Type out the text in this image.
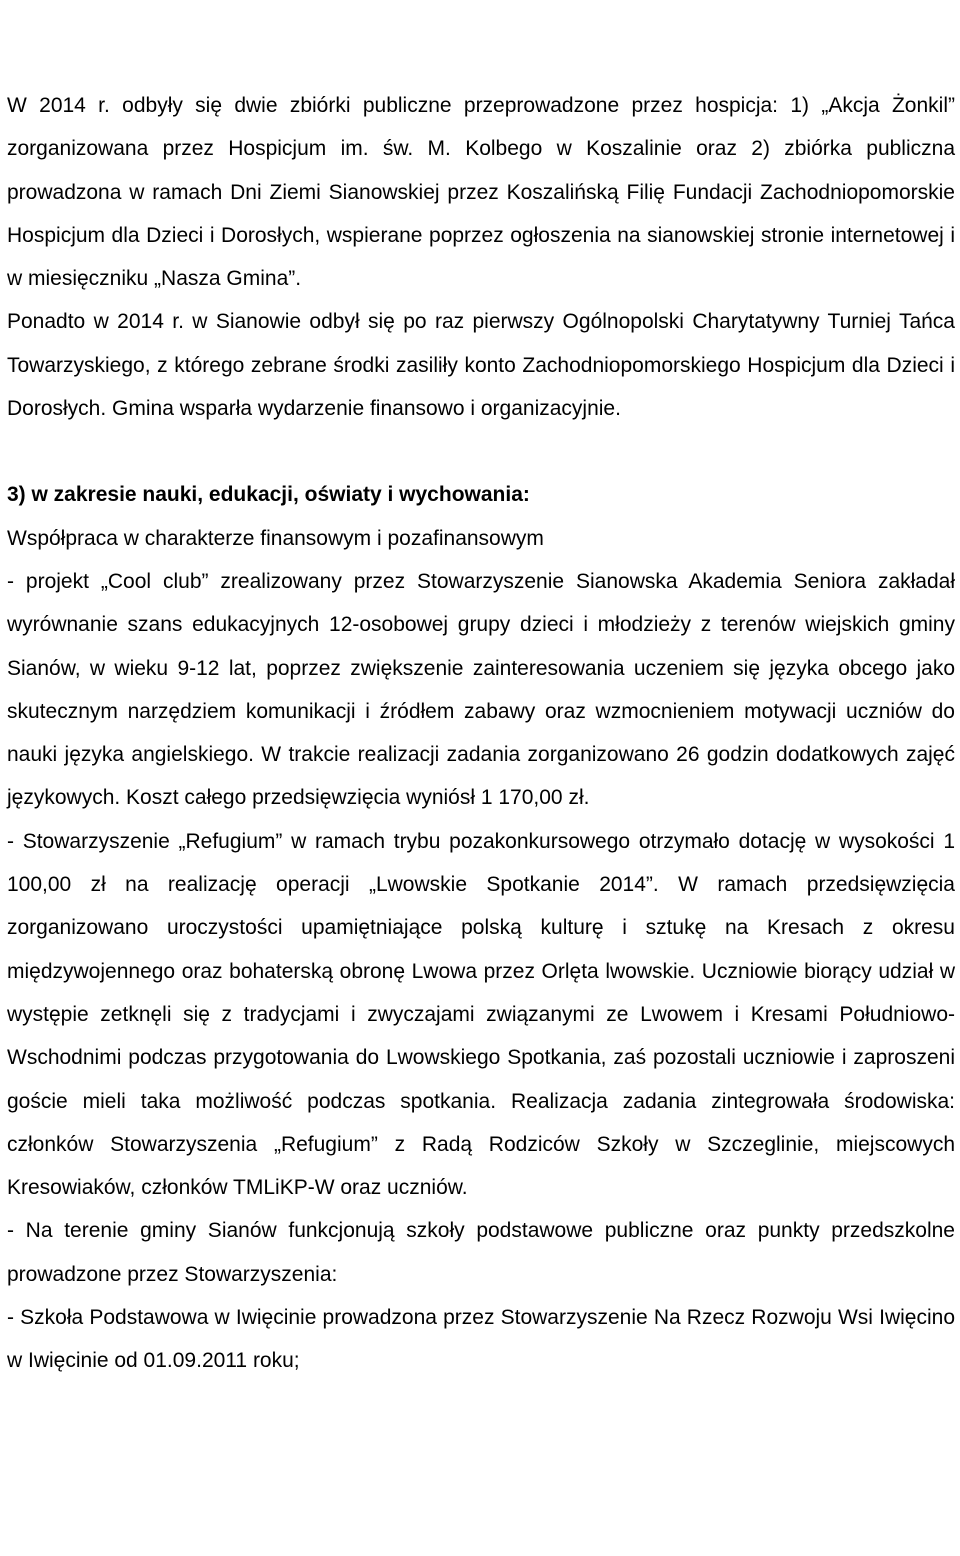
W 2014 r. odbyły się dwie zbiórki publiczne przeprowadzone przez hospicja: 1) „Akcja Żonkil” zorganizowana przez Hospicjum im. św. M. Kolbego w Koszalinie oraz 2) zbiórka publiczna prowadzona w ramach Dni Ziemi Sianowskiej przez Koszalińską Filię Fundacji Zachodniopomorskie Hospicjum dla Dzieci i Dorosłych, wspierane poprzez ogłoszenia na sianowskiej stronie internetowej i w miesięczniku „Nasza Gmina”.

Ponadto w 2014 r. w Sianowie odbył się po raz pierwszy Ogólnopolski Charytatywny Turniej Tańca Towarzyskiego, z którego zebrane środki zasiliły konto Zachodniopomorskiego Hospicjum dla Dzieci i Dorosłych. Gmina wsparła wydarzenie finansowo i organizacyjnie.

3) w zakresie nauki, edukacji, oświaty i wychowania:

Współpraca w charakterze finansowym i pozafinansowym

- projekt „Cool club” zrealizowany przez Stowarzyszenie Sianowska Akademia Seniora zakładał wyrównanie szans edukacyjnych 12-osobowej grupy dzieci i młodzieży z terenów wiejskich gminy Sianów, w wieku 9-12 lat, poprzez zwiększenie zainteresowania uczeniem się języka obcego jako skutecznym narzędziem komunikacji i źródłem zabawy oraz wzmocnieniem motywacji uczniów do nauki języka angielskiego. W trakcie realizacji zadania zorganizowano 26 godzin dodatkowych zajęć językowych. Koszt całego przedsięwzięcia wyniósł 1 170,00 zł.

- Stowarzyszenie „Refugium” w ramach trybu pozakonkursowego otrzymało dotację w wysokości 1 100,00 zł na realizację operacji „Lwowskie Spotkanie 2014”. W ramach przedsięwzięcia zorganizowano uroczystości upamiętniające polską kulturę i sztukę na Kresach z okresu międzywojennego oraz bohaterską obronę Lwowa przez Orlęta lwowskie. Uczniowie biorący udział w występie zetknęli się z tradycjami i zwyczajami związanymi ze Lwowem i Kresami Południowo-Wschodnimi podczas przygotowania do Lwowskiego Spotkania, zaś pozostali uczniowie i zaproszeni goście mieli taka możliwość podczas spotkania. Realizacja zadania zintegrowała środowiska: członków Stowarzyszenia „Refugium” z Radą Rodziców Szkoły w Szczeglinie, miejscowych Kresowiaków, członków TMLiKP-W oraz uczniów.

- Na terenie gminy Sianów funkcjonują szkoły podstawowe publiczne oraz punkty przedszkolne prowadzone przez Stowarzyszenia:

- Szkoła Podstawowa w Iwięcinie prowadzona przez Stowarzyszenie Na Rzecz Rozwoju Wsi Iwięcino w Iwięcinie od 01.09.2011 roku;
